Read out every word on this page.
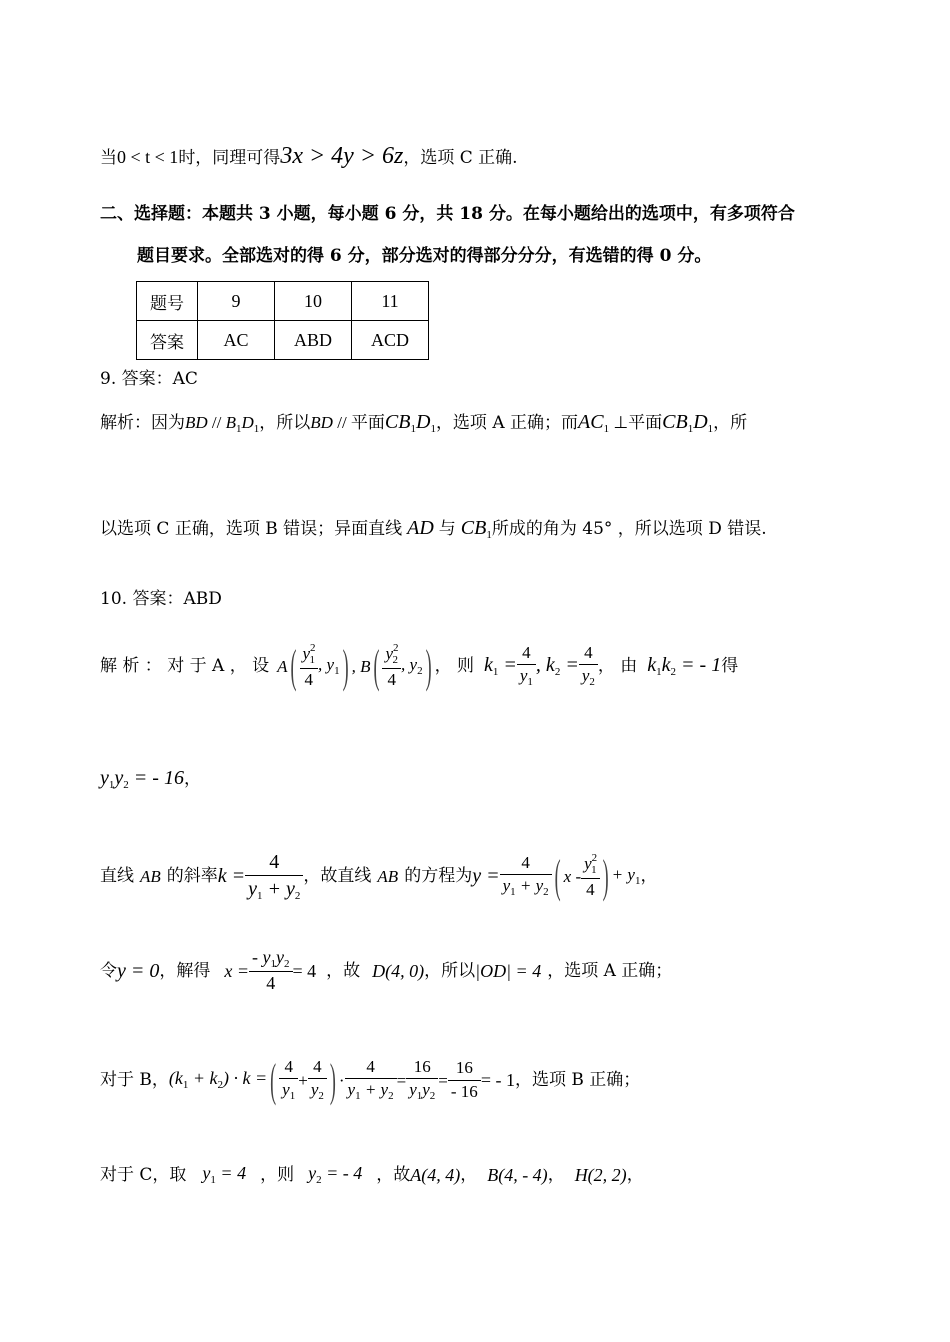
当0 < t < 1时，同理可得3x > 4y > 6z，选项 C 正确.
二、选择题：本题共 3 小题，每小题 6 分，共 18 分。在每小题给出的选项中，有多项符合
题目要求。全部选对的得 6 分，部分选对的得部分分分，有选错的得 0 分。
题号	9	10	11
答案	AC	ABD	ACD
9. 答案：AC
解析：因为BD // $B_1D_1$，所以BD // 平面$CB_1D_1$，选项 A 正确；而$AC_1$ ⊥平面$CB_1D_1$，所
以选项 C 正确，选项 B 错误；异面直线 AD 与 $CB_1$所成的角为 45° ，所以选项 D 错误.
10. 答案：ABD
解 析 ： 对 于 A ， 设 A ( $\frac{y^2_1}{4}$ , $y_1$ ) , B ( $\frac{y^2_2}{4}$ , $y_2$ ) ， 则 $k_1 = \frac{4}{y_1}$ , $k_2 = \frac{4}{y_2}$ ， 由 $k_1k_2$ = - 1 得
$y_1y_2$ = - 16，
直线 AB 的斜率 $k = \frac{4}{y_1 + y_2}$ ，故直线 AB 的方程为 $y = \frac{4}{y_1 + y_2}$ ( x - $\frac{y^2_1}{4}$ ) + $y_1$ ，
令 y = 0 ，解得 $x = \frac{- y_1y_2}{4} = 4$ ，故 D(4, 0) ，所以 |OD| = 4 ，选项 A 正确；
对于 B， $(k_1 + k_2) \cdot k$ = ( $\frac{4}{y_1} + \frac{4}{y_2}$ ) · $\frac{4}{y_1 + y_2} = \frac{16}{y_1y_2} = \frac{16}{- 16}$ = - 1 ，选项 B 正确；
对于 C，取 $y_1 = 4$ ，则 $y_2$ = - 4 ，故 A(4, 4) ， B(4, - 4) ， H(2, 2) ，
